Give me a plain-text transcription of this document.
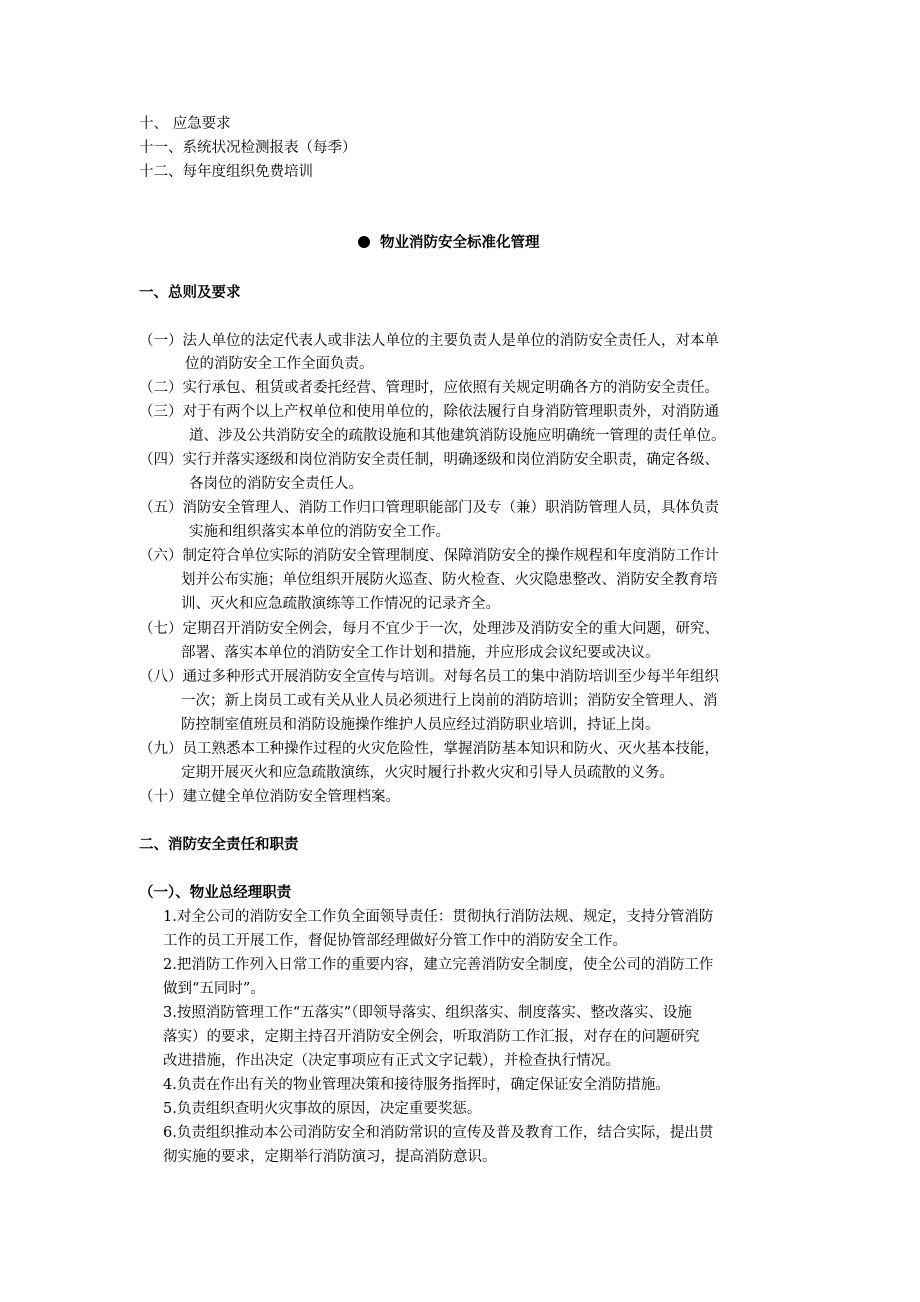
十、 应急要求
十一、系统状况检测报表（每季）
十二、每年度组织免费培训
物业消防安全标准化管理
一、总则及要求
（一）法人单位的法定代表人或非法人单位的主要负责人是单位的消防安全责任人，对本单
位的消防安全工作全面负责。
（二）实行承包、租赁或者委托经营、管理时，应依照有关规定明确各方的消防安全责任。
（三）对于有两个以上产权单位和使用单位的，除依法履行自身消防管理职责外，对消防通
道、涉及公共消防安全的疏散设施和其他建筑消防设施应明确统一管理的责任单位。
（四）实行并落实逐级和岗位消防安全责任制，明确逐级和岗位消防安全职责，确定各级、
各岗位的消防安全责任人。
（五）消防安全管理人、消防工作归口管理职能部门及专（兼）职消防管理人员，具体负责
实施和组织落实本单位的消防安全工作。
（六）制定符合单位实际的消防安全管理制度、保障消防安全的操作规程和年度消防工作计
划并公布实施；单位组织开展防火巡查、防火检查、火灾隐患整改、消防安全教育培
训、灭火和应急疏散演练等工作情况的记录齐全。
（七）定期召开消防安全例会，每月不宜少于一次，处理涉及消防安全的重大问题，研究、
部署、落实本单位的消防安全工作计划和措施，并应形成会议纪要或决议。
（八）通过多种形式开展消防安全宣传与培训。对每名员工的集中消防培训至少每半年组织
一次；新上岗员工或有关从业人员必须进行上岗前的消防培训；消防安全管理人、消
防控制室值班员和消防设施操作维护人员应经过消防职业培训，持证上岗。
（九）员工熟悉本工种操作过程的火灾危险性，掌握消防基本知识和防火、灭火基本技能，
定期开展灭火和应急疏散演练，火灾时履行扑救火灾和引导人员疏散的义务。
（十）建立健全单位消防安全管理档案。
二、消防安全责任和职责
（一）、物业总经理职责
1.对全公司的消防安全工作负全面领导责任：贯彻执行消防法规、规定，支持分管消防
工作的员工开展工作，督促协管部经理做好分管工作中的消防安全工作。
2.把消防工作列入日常工作的重要内容，建立完善消防安全制度，使全公司的消防工作
做到“五同时”。
3.按照消防管理工作“五落实”（即领导落实、组织落实、制度落实、整改落实、设施
落实）的要求，定期主持召开消防安全例会，听取消防工作汇报，对存在的问题研究
改进措施，作出决定（决定事项应有正式文字记载），并检查执行情况。
4.负责在作出有关的物业管理决策和接待服务指挥时，确定保证安全消防措施。
5.负责组织查明火灾事故的原因，决定重要奖惩。
6.负责组织推动本公司消防安全和消防常识的宣传及普及教育工作，结合实际，提出贯
彻实施的要求，定期举行消防演习，提高消防意识。
